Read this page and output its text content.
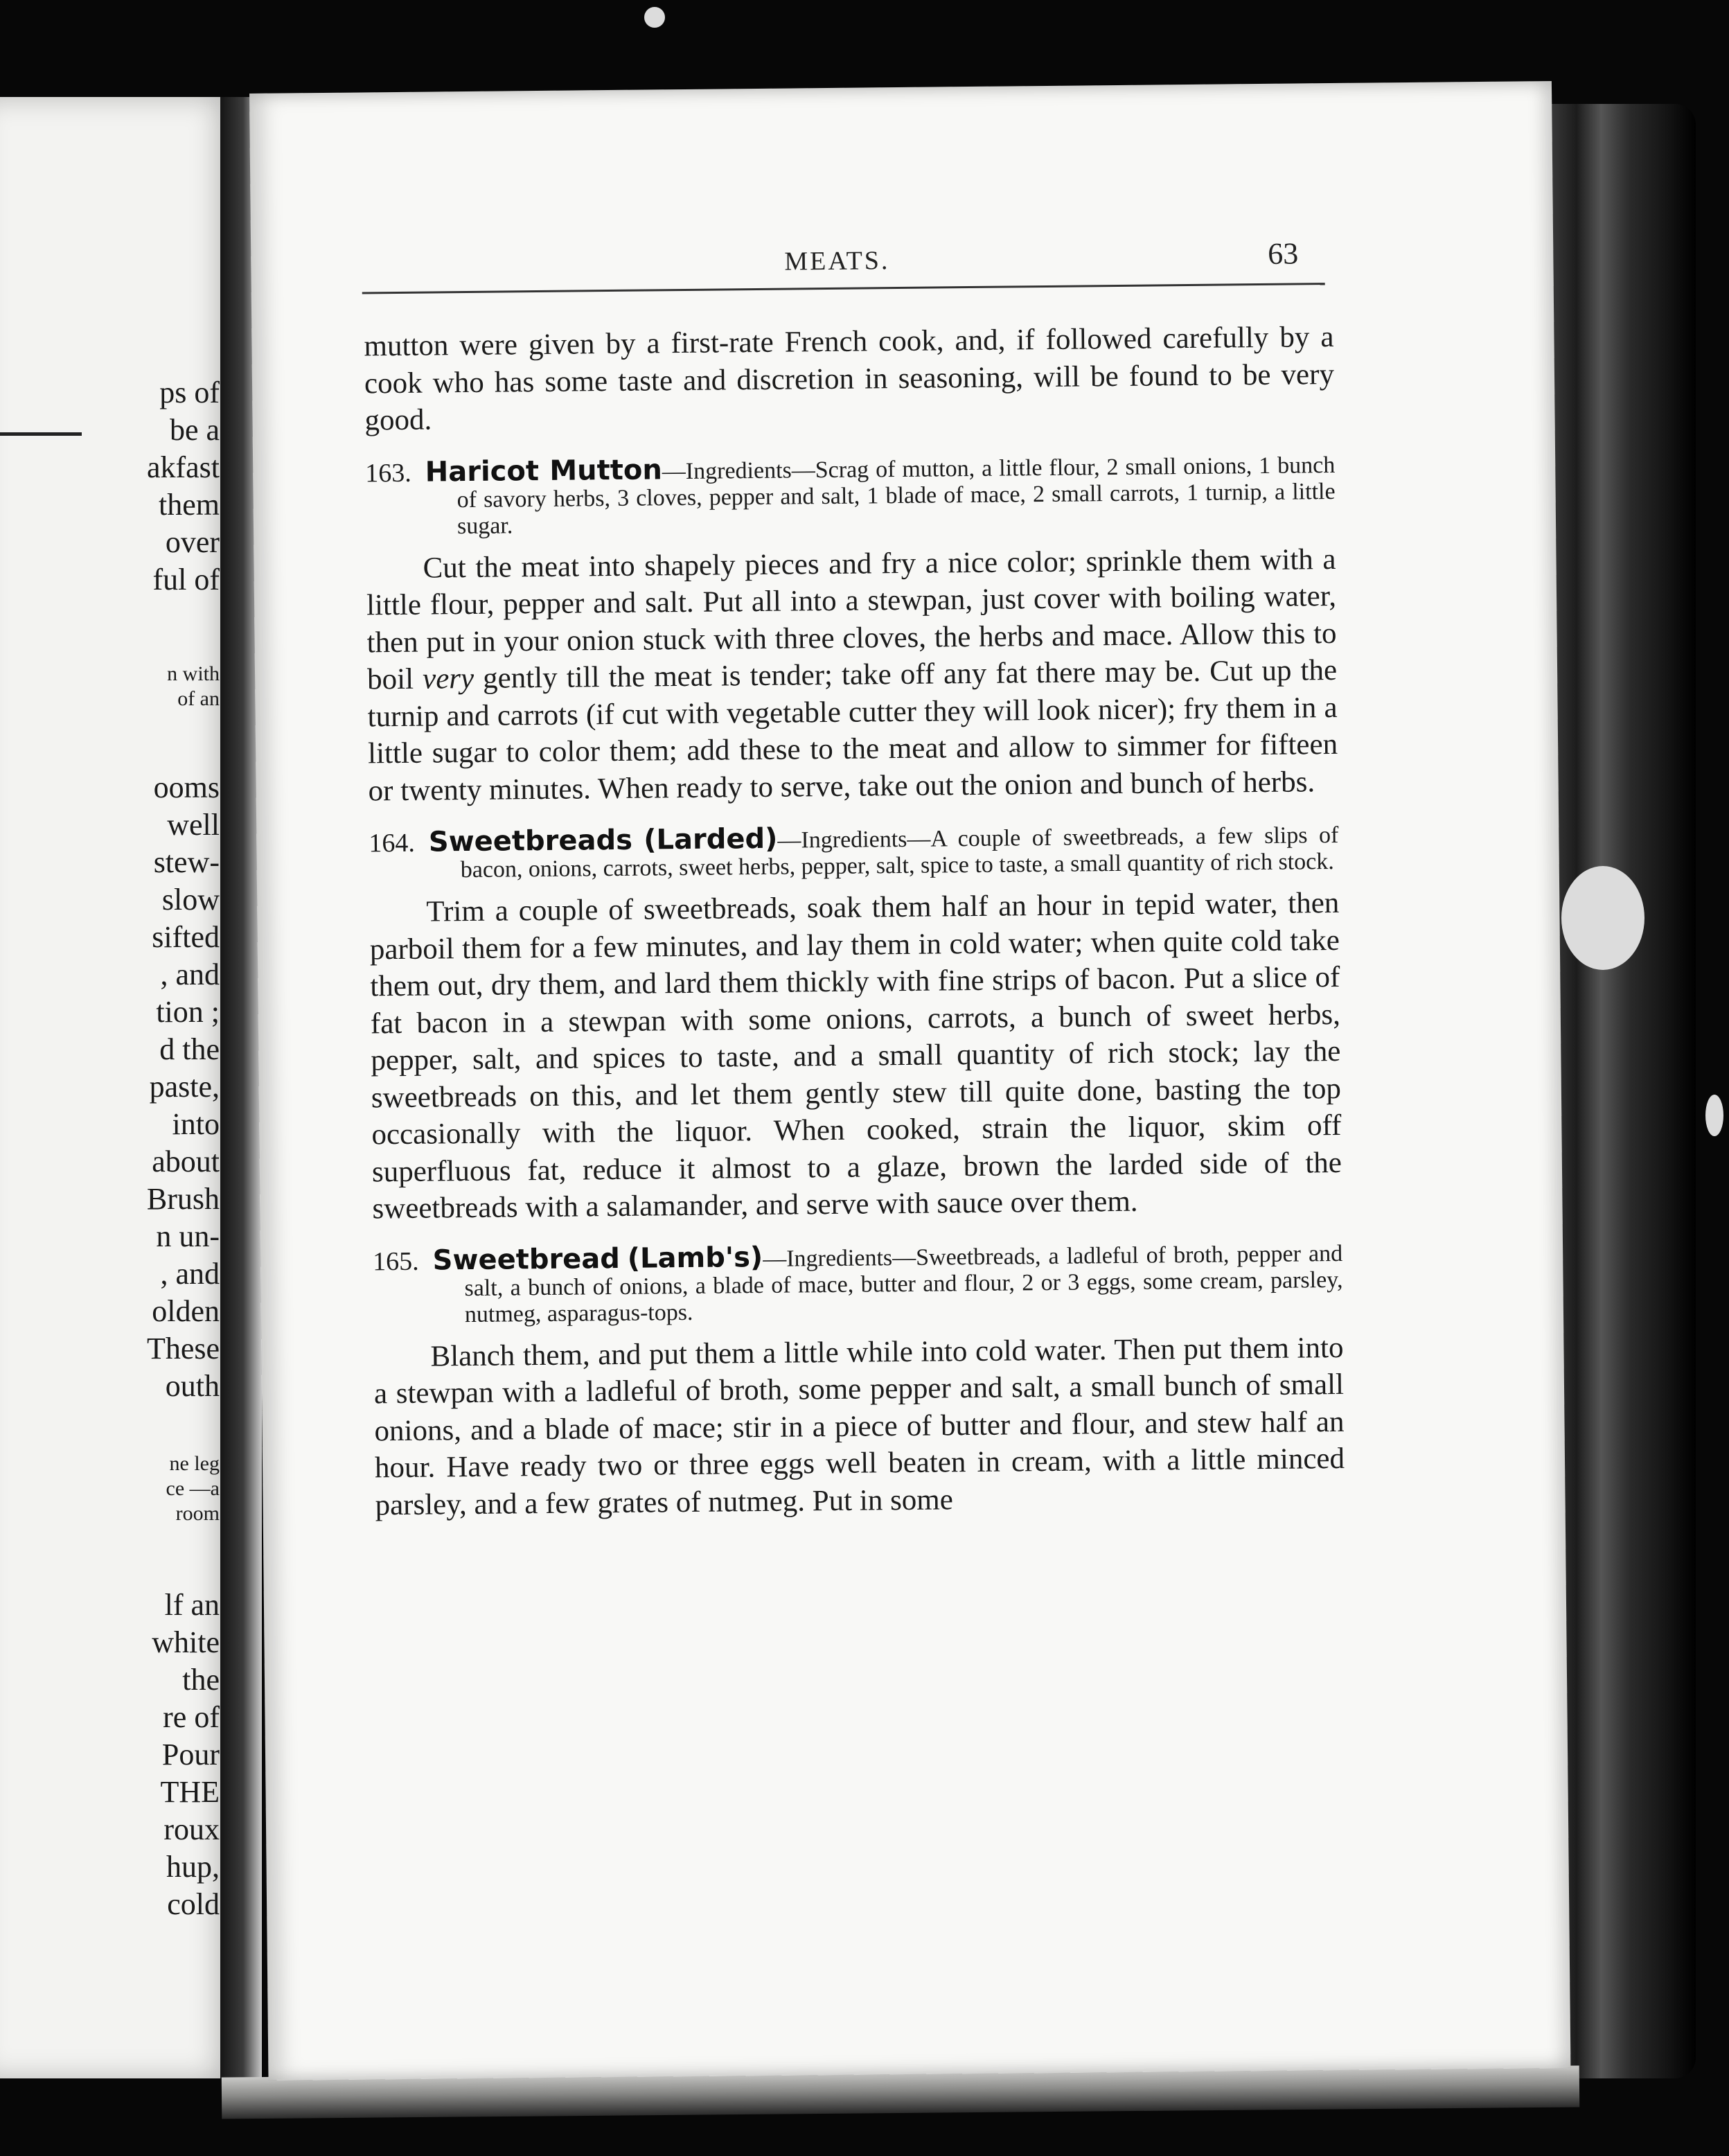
ps of
be a
akfast
them
over
ful of
n with
of an
ooms
well
stew-
slow
sifted
, and
tion ;
d the
paste,
into
about
Brush
n un-
, and
olden
These
outh
ne leg
ce —a
room
lf an
white
the
re of
Pour
THE
roux
hup,
cold
MEATS.	63

mutton were given by a first-rate French cook, and, if followed carefully by a cook who has some taste and discretion in seasoning, will be found to be very good.

163. Haricot Mutton—Ingredients—Scrag of mutton, a little flour, 2 small onions, 1 bunch of savory herbs, 3 cloves, pepper and salt, 1 blade of mace, 2 small carrots, 1 turnip, a little sugar.

Cut the meat into shapely pieces and fry a nice color; sprinkle them with a little flour, pepper and salt. Put all into a stewpan, just cover with boiling water, then put in your onion stuck with three cloves, the herbs and mace. Allow this to boil very gently till the meat is tender; take off any fat there may be. Cut up the turnip and carrots (if cut with vegetable cutter they will look nicer); fry them in a little sugar to color them; add these to the meat and allow to simmer for fifteen or twenty minutes. When ready to serve, take out the onion and bunch of herbs.

164. Sweetbreads (Larded)—Ingredients—A couple of sweetbreads, a few slips of bacon, onions, carrots, sweet herbs, pepper, salt, spice to taste, a small quantity of rich stock.

Trim a couple of sweetbreads, soak them half an hour in tepid water, then parboil them for a few minutes, and lay them in cold water; when quite cold take them out, dry them, and lard them thickly with fine strips of bacon. Put a slice of fat bacon in a stewpan with some onions, carrots, a bunch of sweet herbs, pepper, salt, and spices to taste, and a small quantity of rich stock; lay the sweetbreads on this, and let them gently stew till quite done, basting the top occasionally with the liquor. When cooked, strain the liquor, skim off superfluous fat, reduce it almost to a glaze, brown the larded side of the sweetbreads with a salamander, and serve with sauce over them.

165. Sweetbread (Lamb's)—Ingredients—Sweetbreads, a ladleful of broth, pepper and salt, a bunch of onions, a blade of mace, butter and flour, 2 or 3 eggs, some cream, parsley, nutmeg, asparagus-tops.

Blanch them, and put them a little while into cold water. Then put them into a stewpan with a ladleful of broth, some pepper and salt, a small bunch of small onions, and a blade of mace; stir in a piece of butter and flour, and stew half an hour. Have ready two or three eggs well beaten in cream, with a little minced parsley, and a few grates of nutmeg. Put in some
